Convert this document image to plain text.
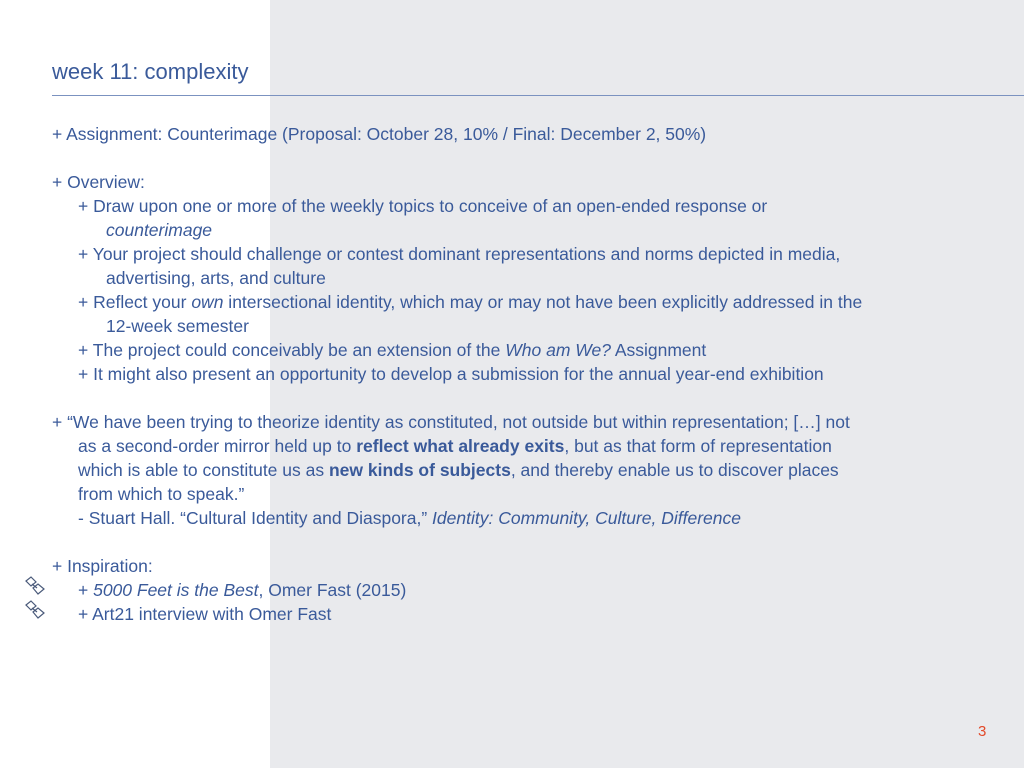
week 11: complexity
+ Assignment: Counterimage (Proposal: October 28, 10% / Final: December 2, 50%)
+ Overview:
+ Draw upon one or more of the weekly topics to conceive of an open-ended response or
counterimage
+ Your project should challenge or contest dominant representations and norms depicted in media,
advertising, arts, and culture
+ Reflect your own intersectional identity, which may or may not have been explicitly addressed in the
12-week semester
+ The project could conceivably be an extension of the Who am We? Assignment
+ It might also present an opportunity to develop a submission for the annual year-end exhibition
+ “We have been trying to theorize identity as constituted, not outside but within representation; […] not
as a second-order mirror held up to reflect what already exits, but as that form of representation
which is able to constitute us as new kinds of subjects, and thereby enable us to discover places
from which to speak.”
- Stuart Hall. “Cultural Identity and Diaspora,” Identity: Community, Culture, Difference
+ Inspiration:
+ 5000 Feet is the Best, Omer Fast (2015)
+ Art21 interview with Omer Fast
3
